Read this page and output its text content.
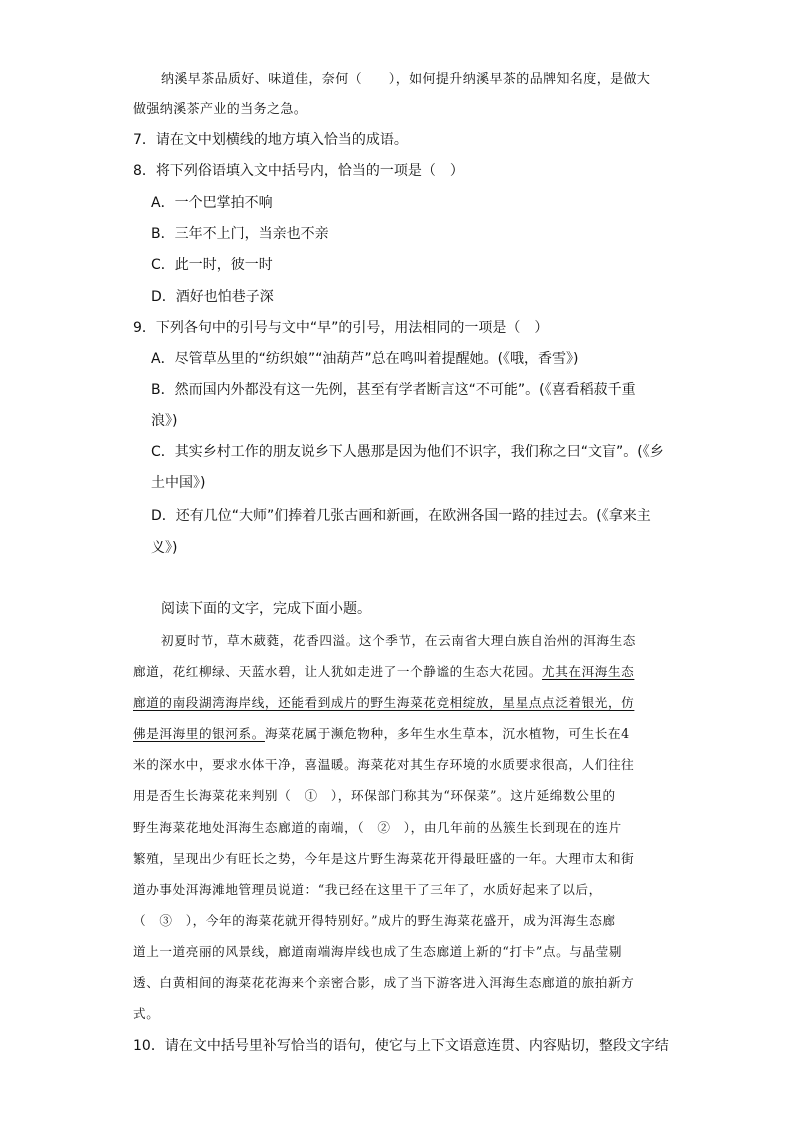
纳溪早茶品质好、味道佳，奈何（　　），如何提升纳溪早茶的品牌知名度，是做大
做强纳溪茶产业的当务之急。
7．请在文中划横线的地方填入恰当的成语。
8．将下列俗语填入文中括号内，恰当的一项是（　）
A．一个巴掌拍不响
B．三年不上门，当亲也不亲
C．此一时，彼一时
D．酒好也怕巷子深
9．下列各句中的引号与文中“早”的引号，用法相同的一项是（　）
A．尽管草丛里的“纺织娘”“油葫芦”总在鸣叫着提醒她。(《哦，香雪》)
B．然而国内外都没有这一先例，甚至有学者断言这“不可能”。(《喜看稻菽千重
浪》)
C．其实乡村工作的朋友说乡下人愚那是因为他们不识字，我们称之曰“文盲”。(《乡
土中国》)
D．还有几位“大师”们捧着几张古画和新画，在欧洲各国一路的挂过去。(《拿来主
义》)
阅读下面的文字，完成下面小题。
初夏时节，草木葳蕤，花香四溢。这个季节，在云南省大理白族自治州的洱海生态
廊道，花红柳绿、天蓝水碧，让人犹如走进了一个静谧的生态大花园。尤其在洱海生态
廊道的南段湖湾海岸线，还能看到成片的野生海菜花竞相绽放，星星点点泛着银光，仿
佛是洱海里的银河系。海菜花属于濒危物种，多年生水生草本，沉水植物，可生长在4
米的深水中，要求水体干净，喜温暖。海菜花对其生存环境的水质要求很高，人们往往
用是否生长海菜花来判别（　①　），环保部门称其为“环保菜”。这片延绵数公里的
野生海菜花地处洱海生态廊道的南端，（　②　），由几年前的丛簇生长到现在的连片
繁殖，呈现出少有旺长之势，今年是这片野生海菜花开得最旺盛的一年。大理市太和街
道办事处洱海滩地管理员说道：“我已经在这里干了三年了，水质好起来了以后，
（　③　），今年的海菜花就开得特别好。”成片的野生海菜花盛开，成为洱海生态廊
道上一道亮丽的风景线，廊道南端海岸线也成了生态廊道上新的“打卡”点。与晶莹剔
透、白黄相间的海菜花花海来个亲密合影，成了当下游客进入洱海生态廊道的旅拍新方
式。
10．请在文中括号里补写恰当的语句，使它与上下文语意连贯、内容贴切，整段文字结
